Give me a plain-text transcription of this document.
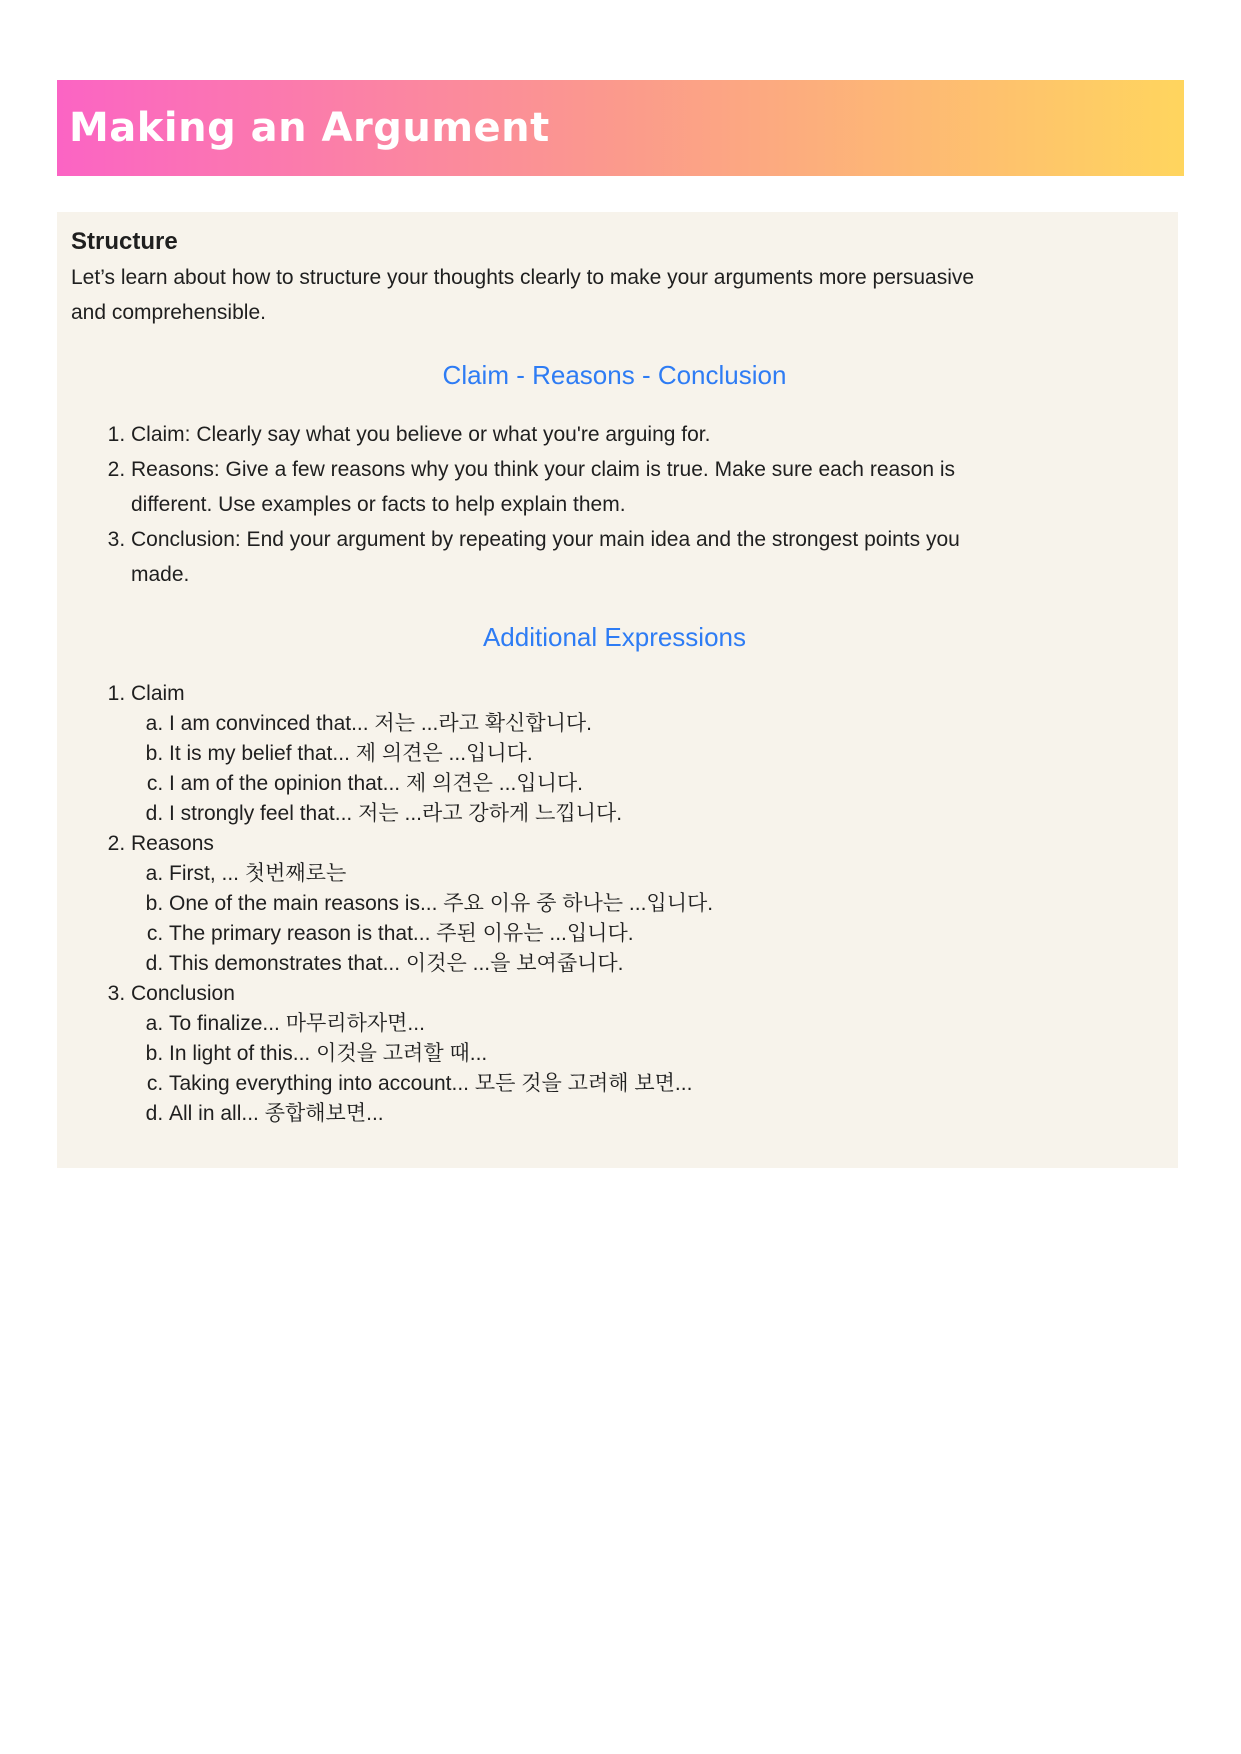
Making an Argument
Structure

Let’s learn about how to structure your thoughts clearly to make your arguments more persuasive and comprehensible.

Claim - Reasons - Conclusion
1. Claim: Clearly say what you believe or what you're arguing for.
2. Reasons: Give a few reasons why you think your claim is true. Make sure each reason is different. Use examples or facts to help explain them.
3. Conclusion: End your argument by repeating your main idea and the strongest points you made.
Additional Expressions
1. Claim
a. I am convinced that... 저는 ...라고 확신합니다.
b. It is my belief that... 제 의견은 ...입니다.
c. I am of the opinion that... 제 의견은 ...입니다.
d. I strongly feel that... 저는 ...라고 강하게 느낍니다.
2. Reasons
a. First, ... 첫번째로는
b. One of the main reasons is... 주요 이유 중 하나는 ...입니다.
c. The primary reason is that... 주된 이유는 ...입니다.
d. This demonstrates that... 이것은 ...을 보여줍니다.
3. Conclusion
a. To finalize... 마무리하자면...
b. In light of this... 이것을 고려할 때...
c. Taking everything into account... 모든 것을 고려해 보면...
d. All in all... 종합해보면...
